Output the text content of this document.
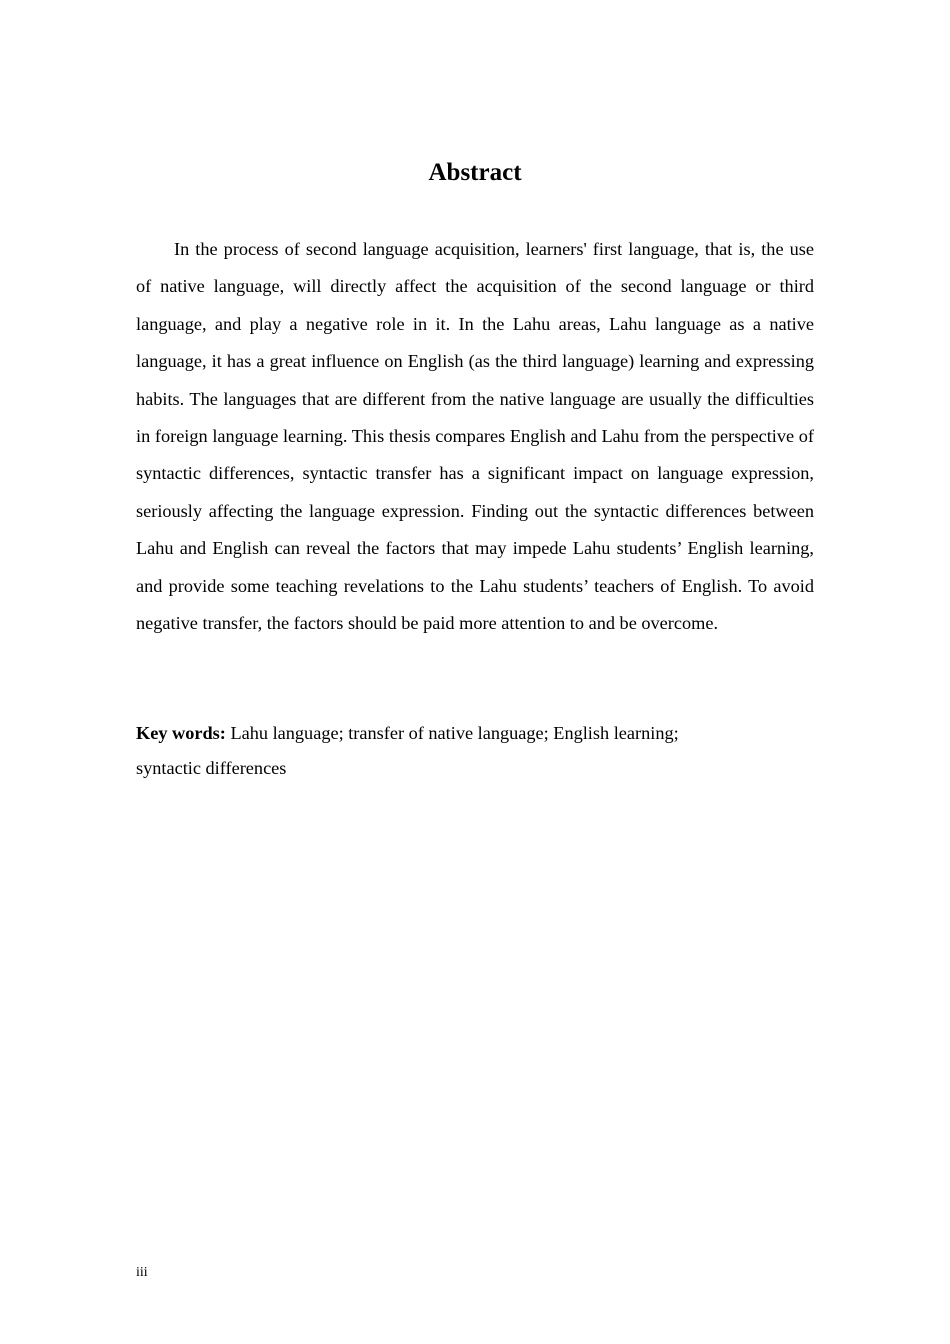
Abstract

In the process of second language acquisition, learners' first language, that is, the use of native language, will directly affect the acquisition of the second language or third language, and play a negative role in it. In the Lahu areas, Lahu language as a native language, it has a great influence on English (as the third language) learning and expressing habits. The languages that are different from the native language are usually the difficulties in foreign language learning. This thesis compares English and Lahu from the perspective of syntactic differences, syntactic transfer has a significant impact on language expression, seriously affecting the language expression. Finding out the syntactic differences between Lahu and English can reveal the factors that may impede Lahu students’ English learning, and provide some teaching revelations to the Lahu students’ teachers of English. To avoid negative transfer, the factors should be paid more attention to and be overcome.

Key words: Lahu language; transfer of native language; English learning;
syntactic differences
iii
